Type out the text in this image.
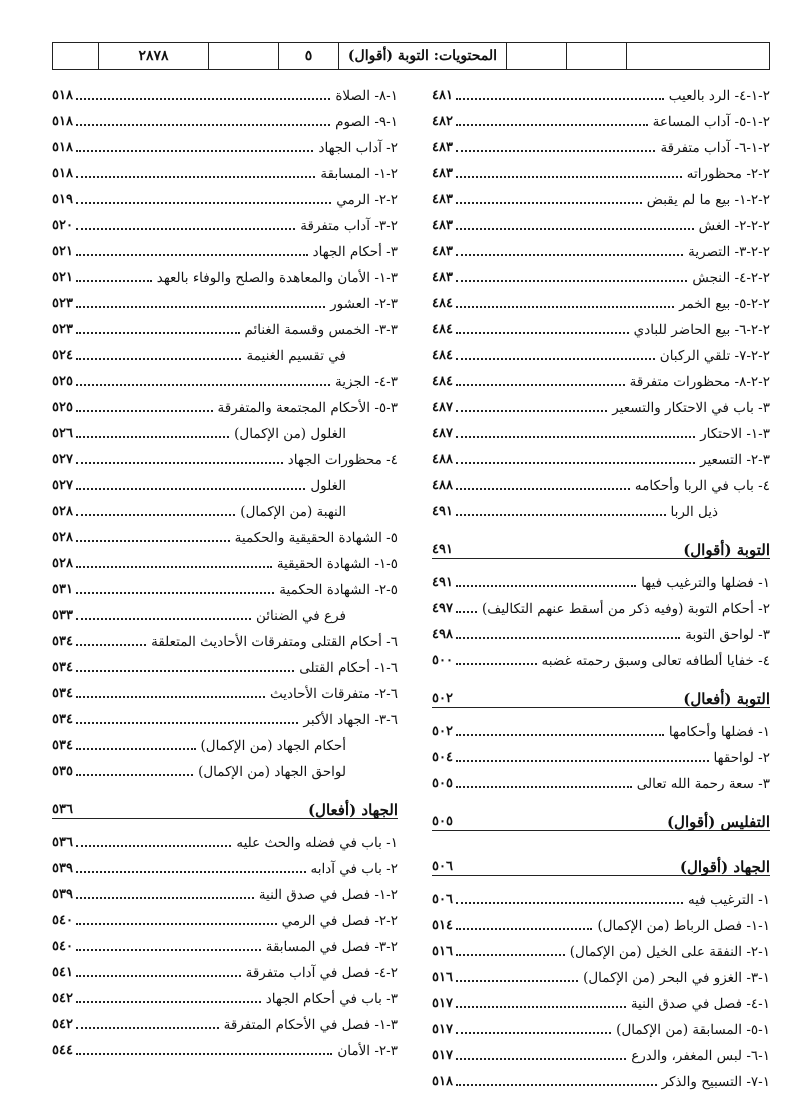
٢٨٧٨	٥	المحتويات: التوبة (أقوال)
٢-١-٤- الرد بالعيب
٤٨١
٢-١-٥- آداب المساعة
٤٨٢
٢-١-٦- آداب متفرقة
٤٨٣
٢-٢- محظوراته
٤٨٣
٢-٢-١- بيع ما لم يقبض
٤٨٣
٢-٢-٢- الغش
٤٨٣
٢-٢-٣- التصرية
٤٨٣
٢-٢-٤- النجش
٤٨٣
٢-٢-٥- بيع الخمر
٤٨٤
٢-٢-٦- بيع الحاضر للبادي
٤٨٤
٢-٢-٧- تلقي الركبان
٤٨٤
٢-٢-٨- محظورات متفرقة
٤٨٤
٣- باب في الاحتكار والتسعير
٤٨٧
٣-١- الاحتكار
٤٨٧
٣-٢- التسعير
٤٨٨
٤- باب في الربا وأحكامه
٤٨٨
ذيل الربا
٤٩١
التوبة (أقوال)
٤٩١
١- فضلها والترغيب فيها
٤٩١
٢- أحكام التوبة (وفيه ذكر من أسقط عنهم التكاليف)
٤٩٧
٣- لواحق التوبة
٤٩٨
٤- خفايا ألطافه تعالى وسبق رحمته غضبه
٥٠٠
التوبة (أفعال)
٥٠٢
١- فضلها وأحكامها
٥٠٢
٢- لواحقها
٥٠٤
٣- سعة رحمة الله تعالى
٥٠٥
التفليس (أقوال)
٥٠٥
الجهاد (أقوال)
٥٠٦
١- الترغيب فيه
٥٠٦
١-١- فصل الرباط (من الإكمال)
٥١٤
١-٢- النفقة على الخيل (من الإكمال)
٥١٦
١-٣- الغزو في البحر (من الإكمال)
٥١٦
١-٤- فصل في صدق النية
٥١٧
١-٥- المسابقة (من الإكمال)
٥١٧
١-٦- لبس المغفر، والدرع
٥١٧
١-٧- التسبيح والذكر
٥١٨
١-٨- الصلاة
٥١٨
١-٩- الصوم
٥١٨
٢- آداب الجهاد
٥١٨
٢-١- المسابقة
٥١٨
٢-٢- الرمي
٥١٩
٢-٣- آداب متفرقة
٥٢٠
٣- أحكام الجهاد
٥٢١
٣-١- الأمان والمعاهدة والصلح والوفاء بالعهد
٥٢١
٣-٢- العشور
٥٢٣
٣-٣- الخمس وقسمة الغنائم
٥٢٣
في تقسيم الغنيمة
٥٢٤
٣-٤- الجزية
٥٢٥
٣-٥- الأحكام المجتمعة والمتفرقة
٥٢٥
الغلول (من الإكمال)
٥٢٦
٤- محظورات الجهاد
٥٢٧
الغلول
٥٢٧
النهبة (من الإكمال)
٥٢٨
٥- الشهادة الحقيقية والحكمية
٥٢٨
٥-١- الشهادة الحقيقية
٥٢٨
٥-٢- الشهادة الحكمية
٥٣١
فرع في الضنائن
٥٣٣
٦- أحكام القتلى ومتفرقات الأحاديث المتعلقة
٥٣٤
٦-١- أحكام القتلى
٥٣٤
٦-٢- متفرقات الأحاديث
٥٣٤
٦-٣- الجهاد الأكبر
٥٣٤
أحكام الجهاد (من الإكمال)
٥٣٤
لواحق الجهاد (من الإكمال)
٥٣٥
الجهاد (أفعال)
٥٣٦
١- باب في فضله والحث عليه
٥٣٦
٢- باب في آدابه
٥٣٩
٢-١- فصل في صدق النية
٥٣٩
٢-٢- فصل في الرمي
٥٤٠
٢-٣- فصل في المسابقة
٥٤٠
٢-٤- فصل في آداب متفرقة
٥٤١
٣- باب في أحكام الجهاد
٥٤٢
٣-١- فصل في الأحكام المتفرقة
٥٤٢
٣-٢- الأمان
٥٤٤
